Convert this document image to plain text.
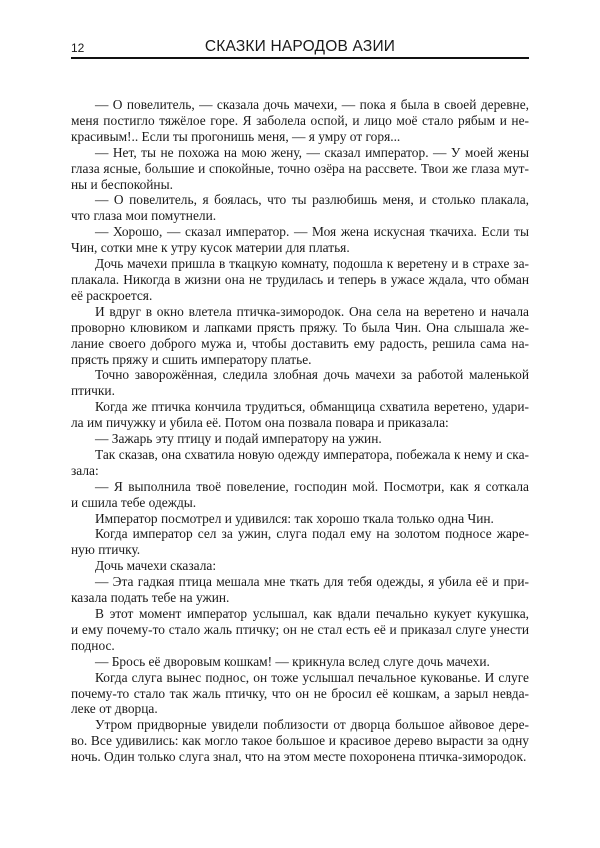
12	СКАЗКИ НАРОДОВ АЗИИ
— О повелитель, — сказала дочь мачехи, — пока я была в своей деревне,
меня постигло тяжёлое горе. Я заболела оспой, и лицо моё стало рябым и не-
красивым!.. Если ты прогонишь меня, — я умру от горя...
— Нет, ты не похожа на мою жену, — сказал император. — У моей жены
глаза ясные, большие и спокойные, точно озёра на рассвете. Твои же глаза мут-
ны и беспокойны.
— О повелитель, я боялась, что ты разлюбишь меня, и столько плакала,
что глаза мои помутнели.
— Хорошо, — сказал император. — Моя жена искусная ткачиха. Если ты
Чин, сотки мне к утру кусок материи для платья.
Дочь мачехи пришла в ткацкую комнату, подошла к веретену и в страхе за-
плакала. Никогда в жизни она не трудилась и теперь в ужасе ждала, что обман
её раскроется.
И вдруг в окно влетела птичка-зимородок. Она села на веретено и начала
проворно клювиком и лапками прясть пряжу. То была Чин. Она слышала же-
лание своего доброго мужа и, чтобы доставить ему радость, решила сама на-
прясть пряжу и сшить императору платье.
Точно заворожённая, следила злобная дочь мачехи за работой маленькой
птички.
Когда же птичка кончила трудиться, обманщица схватила веретено, удари-
ла им пичужку и убила её. Потом она позвала повара и приказала:
— Зажарь эту птицу и подай императору на ужин.
Так сказав, она схватила новую одежду императора, побежала к нему и ска-
зала:
— Я выполнила твоё повеление, господин мой. Посмотри, как я соткала
и сшила тебе одежды.
Император посмотрел и удивился: так хорошо ткала только одна Чин.
Когда император сел за ужин, слуга подал ему на золотом подносе жаре-
ную птичку.
Дочь мачехи сказала:
— Эта гадкая птица мешала мне ткать для тебя одежды, я убила её и при-
казала подать тебе на ужин.
В этот момент император услышал, как вдали печально кукует кукушка,
и ему почему-то стало жаль птичку; он не стал есть её и приказал слуге унести
поднос.
— Брось её дворовым кошкам! — крикнула вслед слуге дочь мачехи.
Когда слуга вынес поднос, он тоже услышал печальное кукованье. И слуге
почему-то стало так жаль птичку, что он не бросил её кошкам, а зарыл невда-
леке от дворца.
Утром придворные увидели поблизости от дворца большое айвовое дере-
во. Все удивились: как могло такое большое и красивое дерево вырасти за одну
ночь. Один только слуга знал, что на этом месте похоронена птичка-зимородок.
